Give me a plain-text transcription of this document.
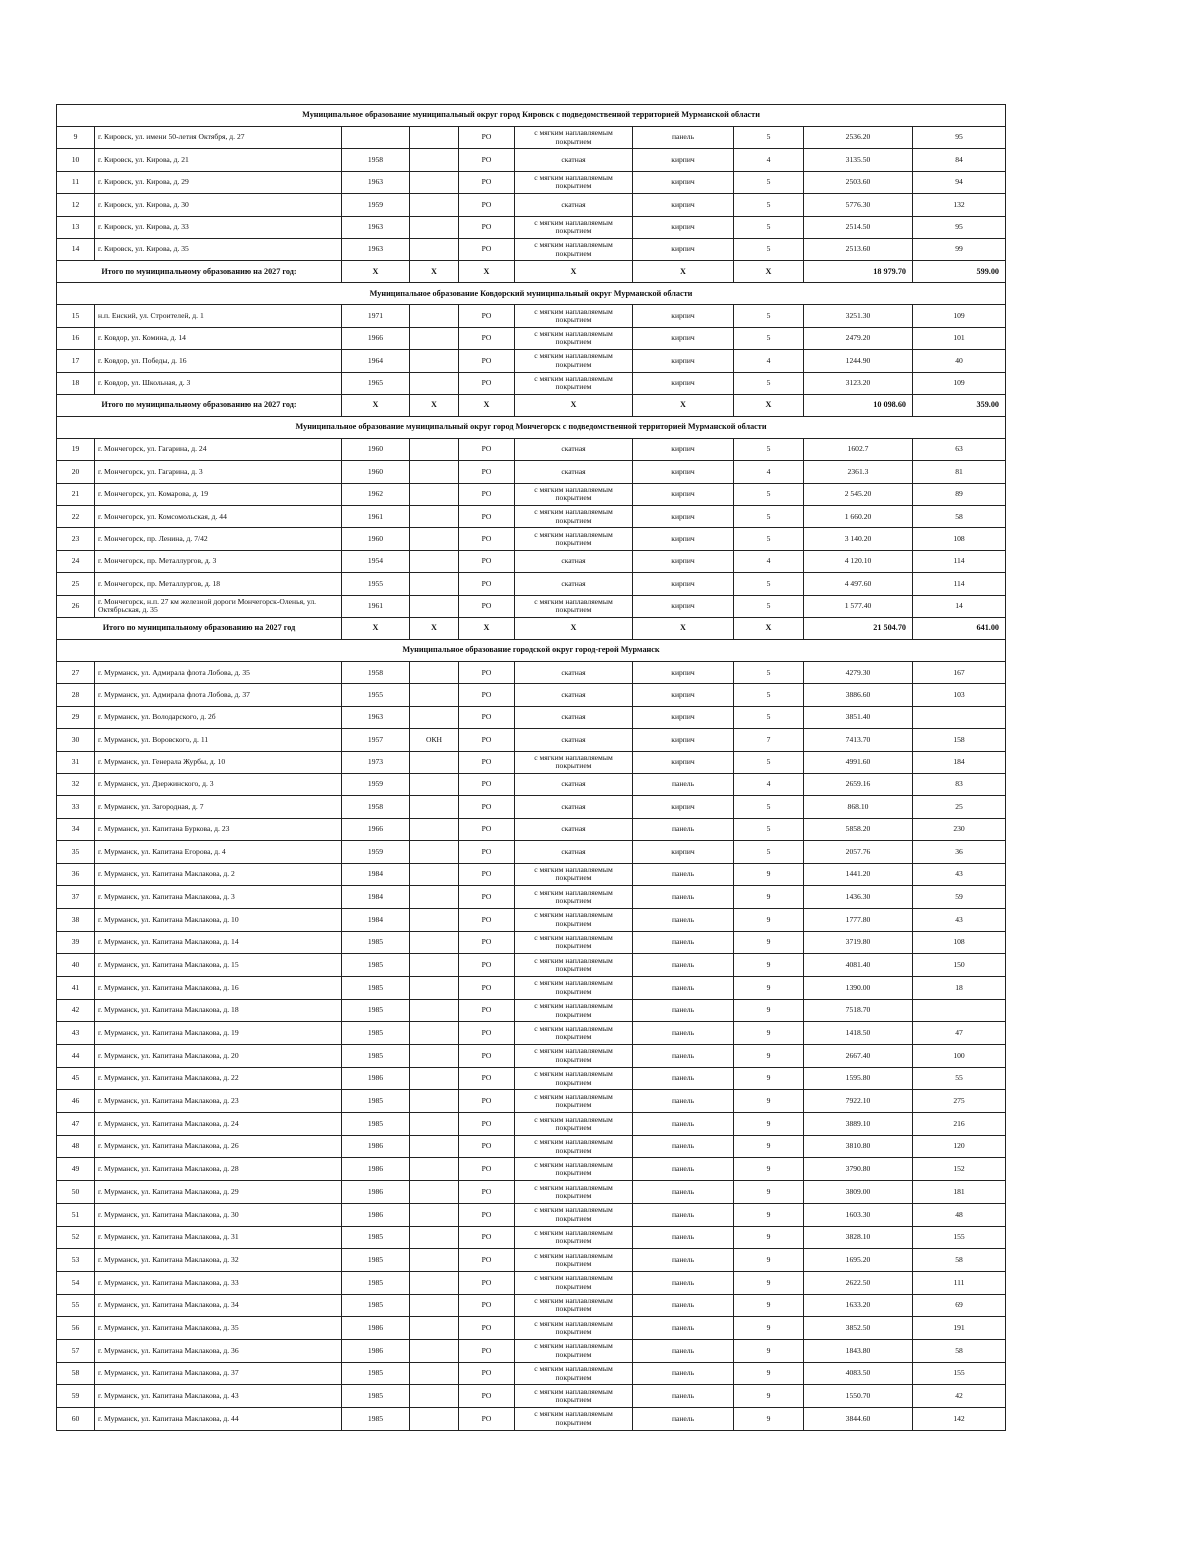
Муниципальное образование муниципальный округ город Кировск с подведомственной территорией Мурманской области									
9	г. Кировск, ул. имени 50-летия Октября, д. 27			РО	с мягким наплавляемым покрытием	панель	5	2536.20	95
10	г. Кировск, ул. Кирова, д. 21	1958		РО	скатная	кирпич	4	3135.50	84
11	г. Кировск, ул. Кирова, д. 29	1963		РО	с мягким наплавляемым покрытием	кирпич	5	2503.60	94
12	г. Кировск, ул. Кирова, д. 30	1959		РО	скатная	кирпич	5	5776.30	132
13	г. Кировск, ул. Кирова, д. 33	1963		РО	с мягким наплавляемым покрытием	кирпич	5	2514.50	95
14	г. Кировск, ул. Кирова, д. 35	1963		РО	с мягким наплавляемым покрытием	кирпич	5	2513.60	99
Итого по муниципальному образованию на 2027 год:		X	X	X	X	X	X	18 979.70	599.00
Муниципальное образование Ковдорский муниципальный округ Мурманской области									
15	н.п. Енский, ул. Строителей, д. 1	1971		РО	с мягким наплавляемым покрытием	кирпич	5	3251.30	109
16	г. Ковдор, ул. Комина, д. 14	1966		РО	с мягким наплавляемым покрытием	кирпич	5	2479.20	101
17	г. Ковдор, ул. Победы, д. 16	1964		РО	с мягким наплавляемым покрытием	кирпич	4	1244.90	40
18	г. Ковдор, ул. Школьная, д. 3	1965		РО	с мягким наплавляемым покрытием	кирпич	5	3123.20	109
Итого по муниципальному образованию на 2027 год:		X	X	X	X	X	X	10 098.60	359.00
Муниципальное образование муниципальный округ город Мончегорск с подведомственной территорией Мурманской области									
19	г. Мончегорск, ул. Гагарина, д. 24	1960		РО	скатная	кирпич	5	1602.7	63
20	г. Мончегорск, ул. Гагарина, д. 3	1960		РО	скатная	кирпич	4	2361.3	81
21	г. Мончегорск, ул. Комарова, д. 19	1962		РО	с мягким наплавляемым покрытием	кирпич	5	2 545.20	89
22	г. Мончегорск, ул. Комсомольская, д. 44	1961		РО	с мягким наплавляемым покрытием	кирпич	5	1 660.20	58
23	г. Мончегорск, пр. Ленина, д. 7/42	1960		РО	с мягким наплавляемым покрытием	кирпич	5	3 140.20	108
24	г. Мончегорск, пр. Металлургов, д. 3	1954		РО	скатная	кирпич	4	4 120.10	114
25	г. Мончегорск, пр. Металлургов, д. 18	1955		РО	скатная	кирпич	5	4 497.60	114
26	г. Мончегорск, н.п. 27 км железной дороги Мончегорск-Оленья, ул. Октябрьская, д. 35	1961		РО	с мягким наплавляемым покрытием	кирпич	5	1 577.40	14
Итого по муниципальному образованию на 2027 год		X	X	X	X	X	X	21 504.70	641.00
Муниципальное образование городской округ город-герой Мурманск									
27	г. Мурманск, ул. Адмирала флота Лобова, д. 35	1958		РО	скатная	кирпич	5	4279.30	167
28	г. Мурманск, ул. Адмирала флота Лобова, д. 37	1955		РО	скатная	кирпич	5	3886.60	103
29	г. Мурманск, ул. Володарского, д. 2б	1963		РО	скатная	кирпич	5	3851.40	
30	г. Мурманск, ул. Воровского, д. 11	1957	ОКН	РО	скатная	кирпич	7	7413.70	158
31	г. Мурманск, ул. Генерала Журбы, д. 10	1973		РО	с мягким наплавляемым покрытием	кирпич	5	4991.60	184
32	г. Мурманск, ул. Дзержинского, д. 3	1959		РО	скатная	панель	4	2659.16	83
33	г. Мурманск, ул. Загородная, д. 7	1958		РО	скатная	кирпич	5	868.10	25
34	г. Мурманск, ул. Капитана Буркова, д. 23	1966		РО	скатная	панель	5	5858.20	230
35	г. Мурманск, ул. Капитана Егорова, д. 4	1959		РО	скатная	кирпич	5	2057.76	36
36	г. Мурманск, ул. Капитана Маклакова, д. 2	1984		РО	с мягким наплавляемым покрытием	панель	9	1441.20	43
37	г. Мурманск, ул. Капитана Маклакова, д. 3	1984		РО	с мягким наплавляемым покрытием	панель	9	1436.30	59
38	г. Мурманск, ул. Капитана Маклакова, д. 10	1984		РО	с мягким наплавляемым покрытием	панель	9	1777.80	43
39	г. Мурманск, ул. Капитана Маклакова, д. 14	1985		РО	с мягким наплавляемым покрытием	панель	9	3719.80	108
40	г. Мурманск, ул. Капитана Маклакова, д. 15	1985		РО	с мягким наплавляемым покрытием	панель	9	4081.40	150
41	г. Мурманск, ул. Капитана Маклакова, д. 16	1985		РО	с мягким наплавляемым покрытием	панель	9	1390.00	18
42	г. Мурманск, ул. Капитана Маклакова, д. 18	1985		РО	с мягким наплавляемым покрытием	панель	9	7518.70	
43	г. Мурманск, ул. Капитана Маклакова, д. 19	1985		РО	с мягким наплавляемым покрытием	панель	9	1418.50	47
44	г. Мурманск, ул. Капитана Маклакова, д. 20	1985		РО	с мягким наплавляемым покрытием	панель	9	2667.40	100
45	г. Мурманск, ул. Капитана Маклакова, д. 22	1986		РО	с мягким наплавляемым покрытием	панель	9	1595.80	55
46	г. Мурманск, ул. Капитана Маклакова, д. 23	1985		РО	с мягким наплавляемым покрытием	панель	9	7922.10	275
47	г. Мурманск, ул. Капитана Маклакова, д. 24	1985		РО	с мягким наплавляемым покрытием	панель	9	3889.10	216
48	г. Мурманск, ул. Капитана Маклакова, д. 26	1986		РО	с мягким наплавляемым покрытием	панель	9	3810.80	120
49	г. Мурманск, ул. Капитана Маклакова, д. 28	1986		РО	с мягким наплавляемым покрытием	панель	9	3790.80	152
50	г. Мурманск, ул. Капитана Маклакова, д. 29	1986		РО	с мягким наплавляемым покрытием	панель	9	3809.00	181
51	г. Мурманск, ул. Капитана Маклакова, д. 30	1986		РО	с мягким наплавляемым покрытием	панель	9	1603.30	48
52	г. Мурманск, ул. Капитана Маклакова, д. 31	1985		РО	с мягким наплавляемым покрытием	панель	9	3828.10	155
53	г. Мурманск, ул. Капитана Маклакова, д. 32	1985		РО	с мягким наплавляемым покрытием	панель	9	1695.20	58
54	г. Мурманск, ул. Капитана Маклакова, д. 33	1985		РО	с мягким наплавляемым покрытием	панель	9	2622.50	111
55	г. Мурманск, ул. Капитана Маклакова, д. 34	1985		РО	с мягким наплавляемым покрытием	панель	9	1633.20	69
56	г. Мурманск, ул. Капитана Маклакова, д. 35	1986		РО	с мягким наплавляемым покрытием	панель	9	3852.50	191
57	г. Мурманск, ул. Капитана Маклакова, д. 36	1986		РО	с мягким наплавляемым покрытием	панель	9	1843.80	58
58	г. Мурманск, ул. Капитана Маклакова, д. 37	1985		РО	с мягким наплавляемым покрытием	панель	9	4083.50	155
59	г. Мурманск, ул. Капитана Маклакова, д. 43	1985		РО	с мягким наплавляемым покрытием	панель	9	1550.70	42
60	г. Мурманск, ул. Капитана Маклакова, д. 44	1985		РО	с мягким наплавляемым покрытием	панель	9	3844.60	142
